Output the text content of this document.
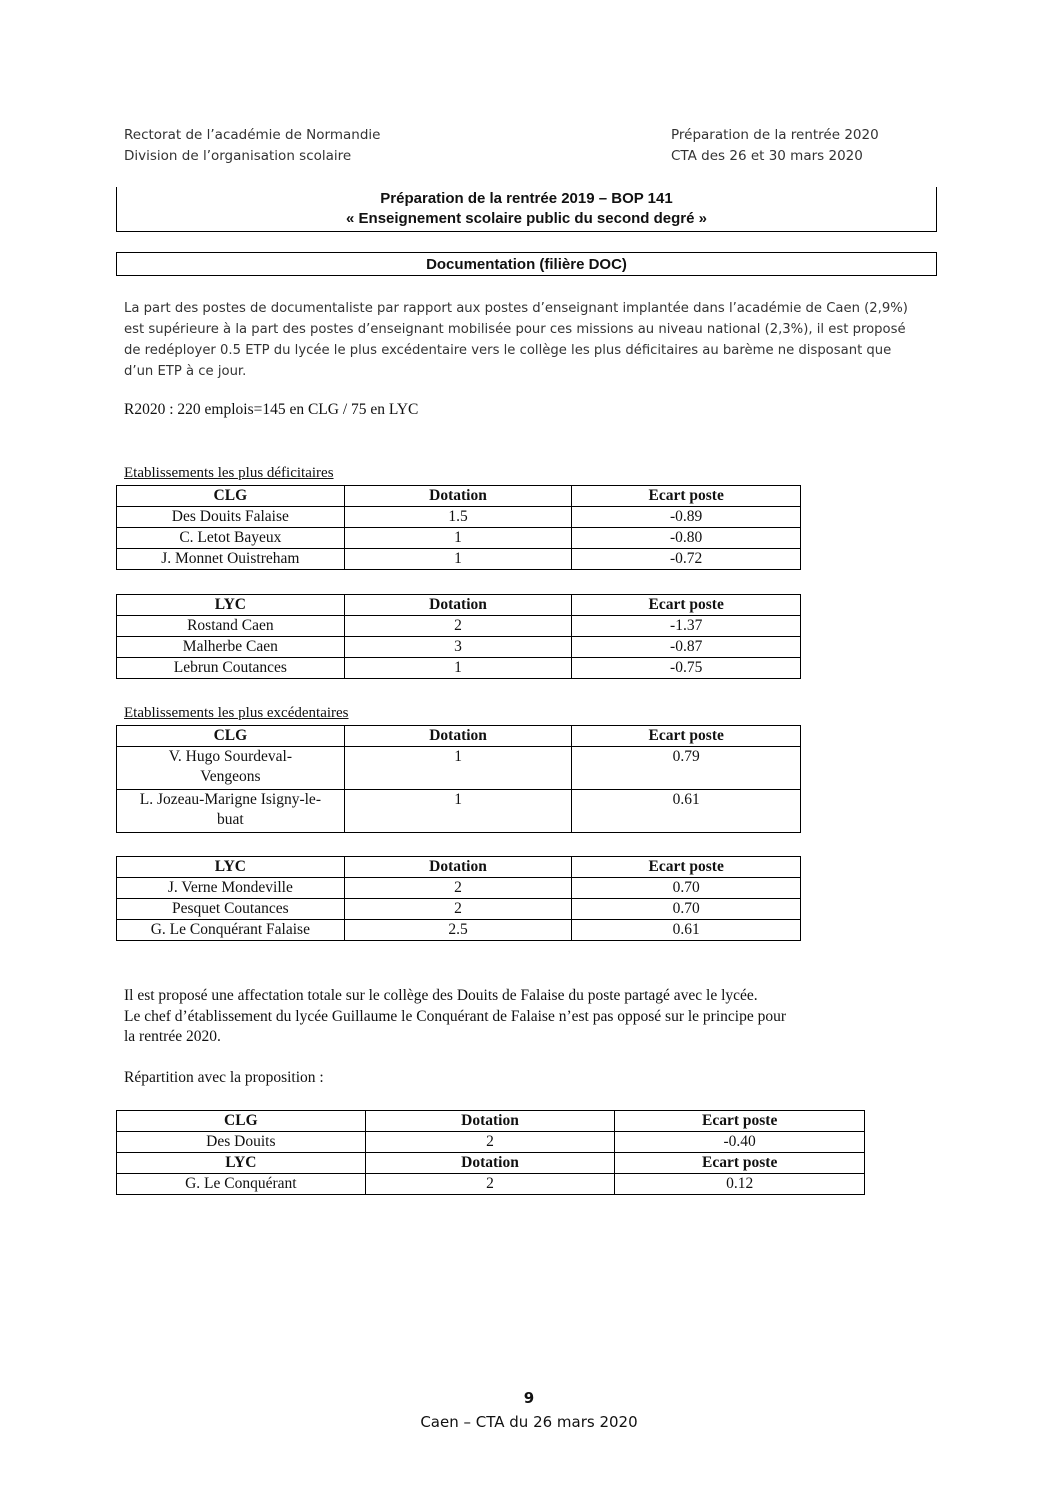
Rectorat de l’académie de Normandie
Division de l’organisation scolaire
Préparation de la rentrée 2020
CTA des 26 et 30 mars 2020
Préparation de la rentrée 2019 – BOP 141
« Enseignement scolaire public du second degré »
Documentation (filière DOC)
La part des postes de documentaliste par rapport aux postes d’enseignant implantée dans l’académie de Caen (2,9%)
est supérieure à la part des postes d’enseignant mobilisée pour ces missions au niveau national (2,3%), il est proposé
de redéployer 0.5 ETP du lycée le plus excédentaire vers le collège les plus déficitaires au barème ne disposant que
d’un ETP à ce jour.
R2020 : 220 emplois=145 en CLG / 75 en LYC
Etablissements les plus déficitaires
CLG	Dotation	Ecart poste
Des Douits Falaise	1.5	-0.89
C. Letot Bayeux	1	-0.80
J. Monnet Ouistreham	1	-0.72
LYC	Dotation	Ecart poste
Rostand Caen	2	-1.37
Malherbe Caen	3	-0.87
Lebrun Coutances	1	-0.75
Etablissements les plus excédentaires
CLG	Dotation	Ecart poste
V. Hugo Sourdeval-Vengeons	1	0.79
L. Jozeau-Marigne Isigny-le-buat	1	0.61
LYC	Dotation	Ecart poste
J. Verne Mondeville	2	0.70
Pesquet Coutances	2	0.70
G. Le Conquérant Falaise	2.5	0.61
Il est proposé une affectation totale sur le collège des Douits de Falaise du poste partagé avec le lycée.
Le chef d’établissement du lycée Guillaume le Conquérant de Falaise n’est pas opposé sur le principe pour
la rentrée 2020.
Répartition avec la proposition :
CLG	Dotation	Ecart poste
Des Douits	2	-0.40
LYC	Dotation	Ecart poste
G. Le Conquérant	2	0.12
9
Caen – CTA du 26 mars 2020
